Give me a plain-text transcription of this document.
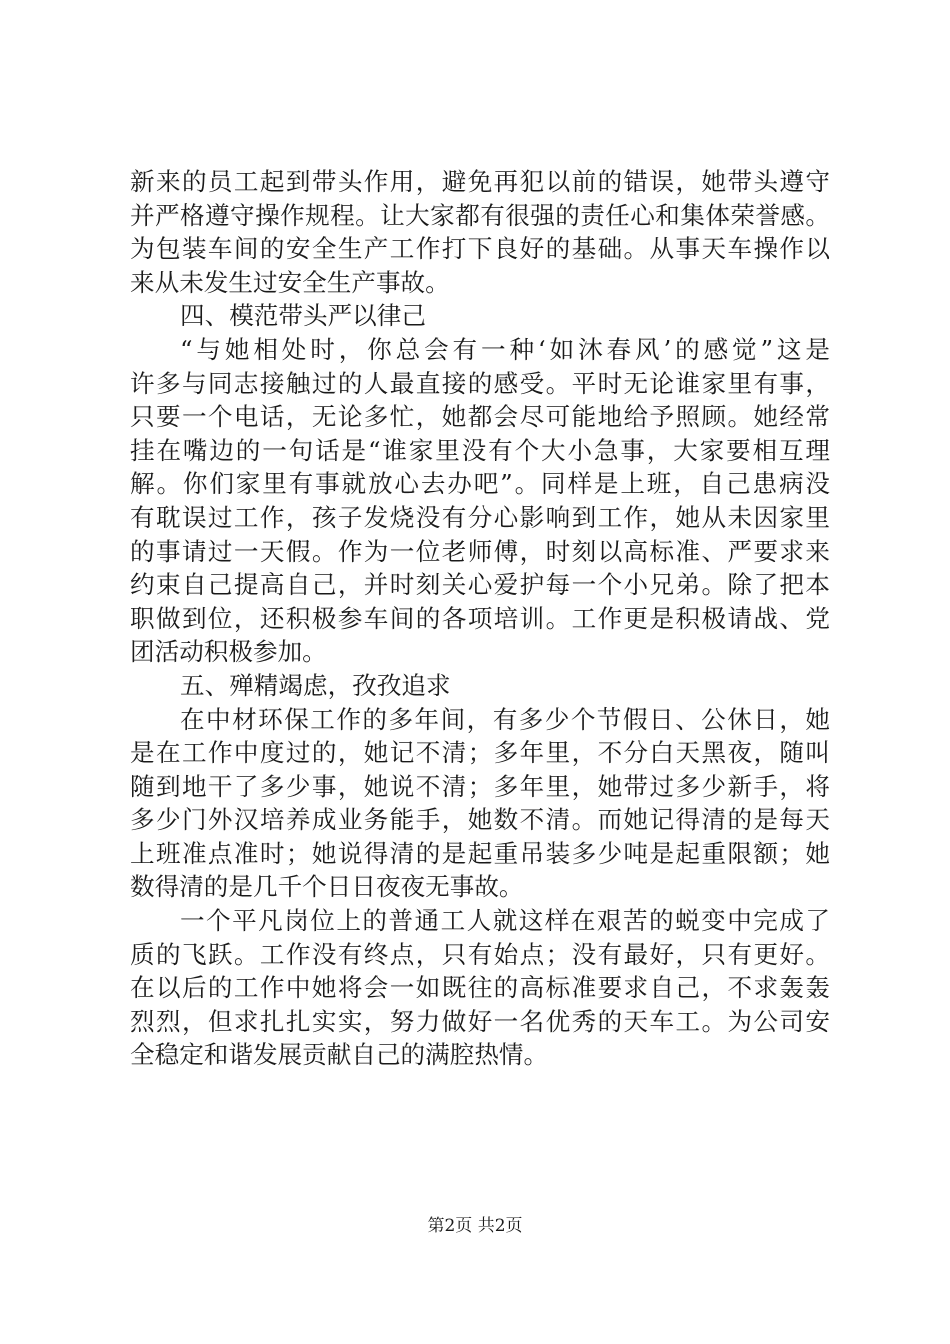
新来的员工起到带头作用，避免再犯以前的错误，她带头遵守
并严格遵守操作规程。让大家都有很强的责任心和集体荣誉感。
为包装车间的安全生产工作打下良好的基础。从事天车操作以
来从未发生过安全生产事故。
四、模范带头严以律己
“与她相处时，你总会有一种‘如沐春风’的感觉”这是
许多与同志接触过的人最直接的感受。平时无论谁家里有事，
只要一个电话，无论多忙，她都会尽可能地给予照顾。她经常
挂在嘴边的一句话是“谁家里没有个大小急事，大家要相互理
解。你们家里有事就放心去办吧”。同样是上班，自己患病没
有耽误过工作，孩子发烧没有分心影响到工作，她从未因家里
的事请过一天假。作为一位老师傅，时刻以高标准、严要求来
约束自己提高自己，并时刻关心爱护每一个小兄弟。除了把本
职做到位，还积极参车间的各项培训。工作更是积极请战、党
团活动积极参加。
五、殚精竭虑，孜孜追求
在中材环保工作的多年间，有多少个节假日、公休日，她
是在工作中度过的，她记不清；多年里，不分白天黑夜，随叫
随到地干了多少事，她说不清；多年里，她带过多少新手，将
多少门外汉培养成业务能手，她数不清。而她记得清的是每天
上班准点准时；她说得清的是起重吊装多少吨是起重限额；她
数得清的是几千个日日夜夜无事故。
一个平凡岗位上的普通工人就这样在艰苦的蜕变中完成了
质的飞跃。工作没有终点，只有始点；没有最好，只有更好。
在以后的工作中她将会一如既往的高标准要求自己，不求轰轰
烈烈，但求扎扎实实，努力做好一名优秀的天车工。为公司安
全稳定和谐发展贡献自己的满腔热情。
第2页 共2页
